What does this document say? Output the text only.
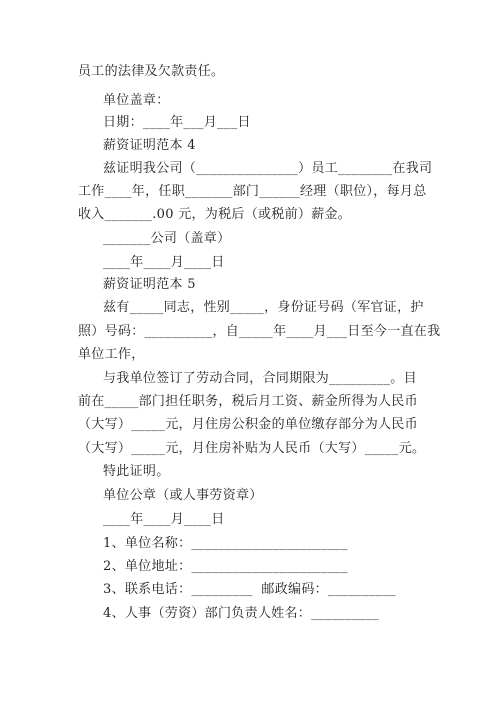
员工的法律及欠款责任。
单位盖章：
日期：____年___月___日
薪资证明范本 4
兹证明我公司（_______________）员工________在我司
工作____年，任职_______部门______经理（职位），每月总
收入_______.00 元，为税后（或税前）薪金。
_______公司（盖章）
____年____月____日
薪资证明范本 5
兹有_____同志，性别_____，身份证号码（军官证，护
照）号码：__________，自_____年____月___日至今一直在我
单位工作，
与我单位签订了劳动合同，合同期限为_________。目
前在_____部门担任职务，税后月工资、薪金所得为人民币
（大写）_____元，月住房公积金的单位缴存部分为人民币
（大写）_____元，月住房补贴为人民币（大写）_____元。
特此证明。
单位公章（或人事劳资章）
____年____月____日
1、单位名称：_______________________
2、单位地址：_______________________
3、联系电话：_________  邮政编码：__________
4、人事（劳资）部门负责人姓名：__________
